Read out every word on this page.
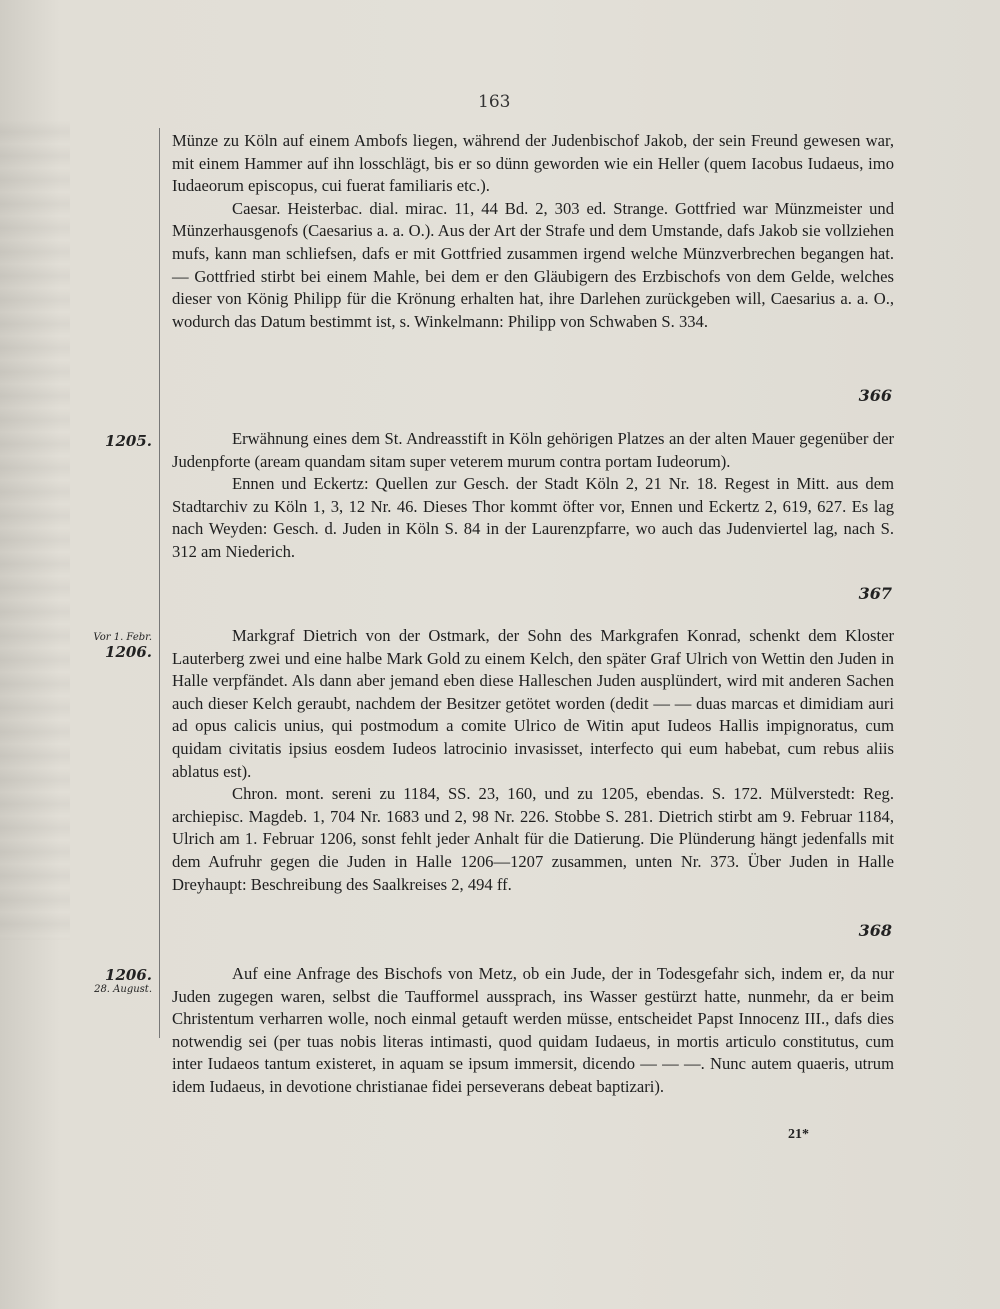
163

Münze zu Köln auf einem Ambofs liegen, während der Judenbischof Jakob, der sein Freund gewesen war, mit einem Hammer auf ihn losschlägt, bis er so dünn geworden wie ein Heller (quem Iacobus Iudaeus, imo Iudaeorum episcopus, cui fuerat familiaris etc.).

Caesar. Heisterbac. dial. mirac. 11, 44 Bd. 2, 303 ed. Strange. Gottfried war Münzmeister und Münzerhausgenofs (Caesarius a. a. O.). Aus der Art der Strafe und dem Umstande, dafs Jakob sie vollziehen mufs, kann man schliefsen, dafs er mit Gottfried zusammen irgend welche Münzverbrechen begangen hat. — Gottfried stirbt bei einem Mahle, bei dem er den Gläubigern des Erzbischofs von dem Gelde, welches dieser von König Philipp für die Krönung erhalten hat, ihre Darlehen zurückgeben will, Caesarius a. a. O., wodurch das Datum bestimmt ist, s. Winkelmann: Philipp von Schwaben S. 334.

366
1205.	Erwähnung eines dem St. Andreasstift in Köln gehörigen Platzes an der alten Mauer gegenüber der Judenpforte (aream quandam sitam super veterem murum contra portam Iudeorum).

Ennen und Eckertz: Quellen zur Gesch. der Stadt Köln 2, 21 Nr. 18. Regest in Mitt. aus dem Stadtarchiv zu Köln 1, 3, 12 Nr. 46. Dieses Thor kommt öfter vor, Ennen und Eckertz 2, 619, 627. Es lag nach Weyden: Gesch. d. Juden in Köln S. 84 in der Laurenzpfarre, wo auch das Judenviertel lag, nach S. 312 am Niederich.

367
Vor 1. Febr.
1206.

Markgraf Dietrich von der Ostmark, der Sohn des Markgrafen Konrad, schenkt dem Kloster Lauterberg zwei und eine halbe Mark Gold zu einem Kelch, den später Graf Ulrich von Wettin den Juden in Halle verpfändet. Als dann aber jemand eben diese Halleschen Juden ausplündert, wird mit anderen Sachen auch dieser Kelch geraubt, nachdem der Besitzer getötet worden (dedit — — duas marcas et dimidiam auri ad opus calicis unius, qui postmodum a comite Ulrico de Witin aput Iudeos Hallis impignoratus, cum quidam civitatis ipsius eosdem Iudeos latrocinio invasisset, interfecto qui eum habebat, cum rebus aliis ablatus est).

Chron. mont. sereni zu 1184, SS. 23, 160, und zu 1205, ebendas. S. 172. Mülverstedt: Reg. archiepisc. Magdeb. 1, 704 Nr. 1683 und 2, 98 Nr. 226. Stobbe S. 281. Dietrich stirbt am 9. Februar 1184, Ulrich am 1. Februar 1206, sonst fehlt jeder Anhalt für die Datierung. Die Plünderung hängt jedenfalls mit dem Aufruhr gegen die Juden in Halle 1206—1207 zusammen, unten Nr. 373. Über Juden in Halle Dreyhaupt: Beschreibung des Saalkreises 2, 494 ff.

368
1206.
28. August.

Auf eine Anfrage des Bischofs von Metz, ob ein Jude, der in Todesgefahr sich, indem er, da nur Juden zugegen waren, selbst die Taufformel aussprach, ins Wasser gestürzt hatte, nunmehr, da er beim Christentum verharren wolle, noch einmal getauft werden müsse, entscheidet Papst Innocenz III., dafs dies notwendig sei (per tuas nobis literas intimasti, quod quidam Iudaeus, in mortis articulo constitutus, cum inter Iudaeos tantum existeret, in aquam se ipsum immersit, dicendo — — —. Nunc autem quaeris, utrum idem Iudaeus, in devotione christianae fidei perseverans debeat baptizari).

21*
